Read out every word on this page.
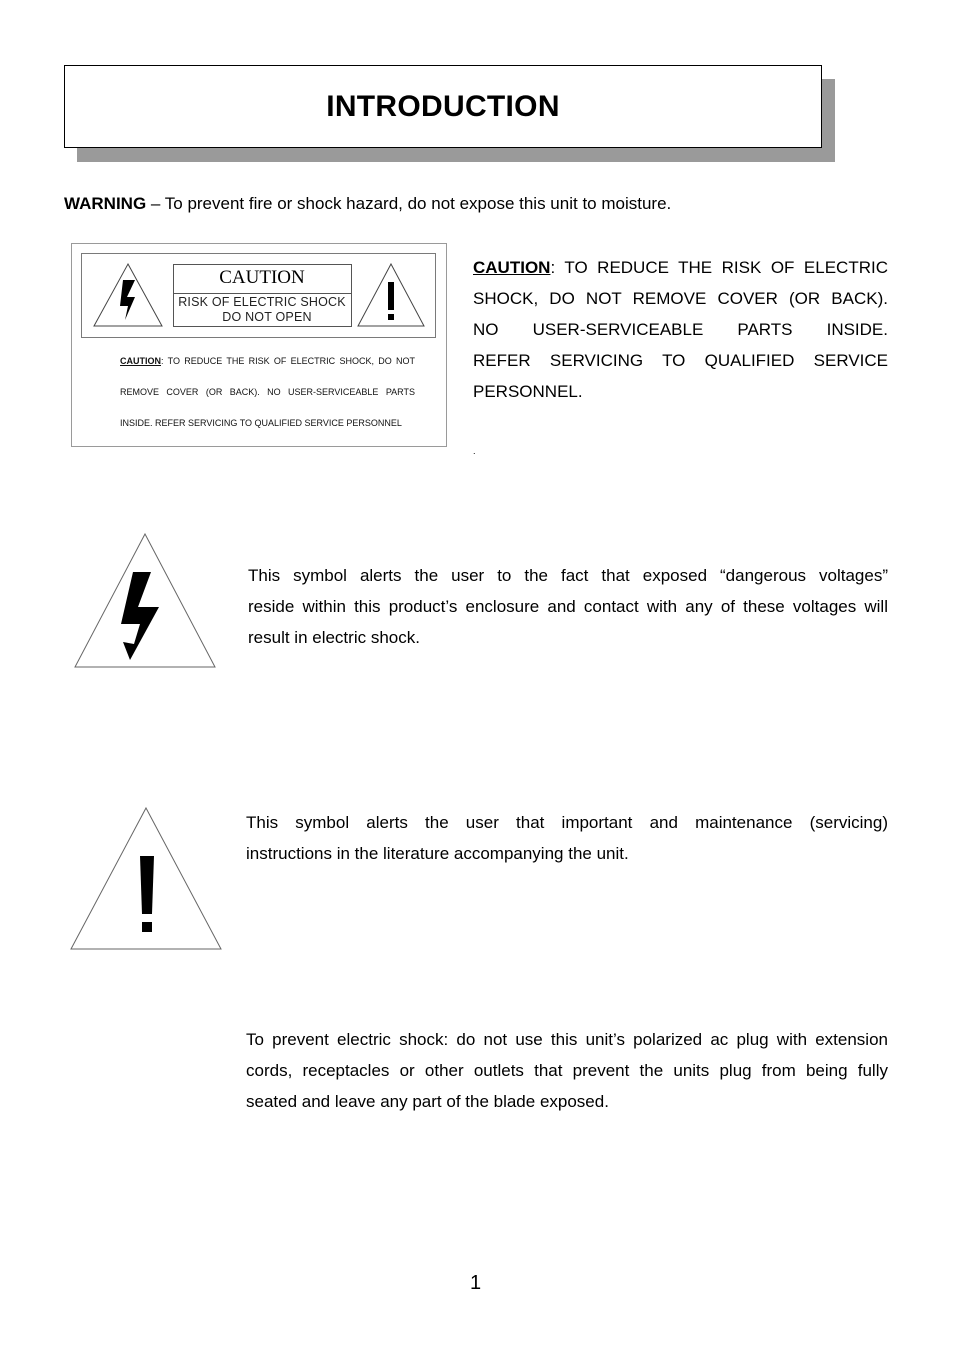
INTRODUCTION
WARNING – To prevent fire or shock hazard, do not expose this unit to moisture.
CAUTION
RISK OF ELECTRIC SHOCK
DO NOT OPEN
CAUTION: TO REDUCE THE RISK OF ELECTRIC SHOCK, DO NOT
REMOVE COVER (OR BACK). NO USER-SERVICEABLE PARTS
INSIDE. REFER SERVICING TO QUALIFIED SERVICE PERSONNEL
CAUTION: TO REDUCE THE RISK OF ELECTRIC
SHOCK, DO NOT REMOVE COVER (OR BACK).
NO USER-SERVICEABLE PARTS INSIDE.
REFER SERVICING TO QUALIFIED SERVICE
PERSONNEL.
.
This symbol alerts the user to the fact that exposed “dangerous voltages”
reside within this product’s enclosure and contact with any of these voltages will
result in electric shock.
This symbol alerts the user that important and maintenance (servicing)
instructions in the literature accompanying the unit.
To prevent electric shock: do not use this unit’s polarized ac plug with extension
cords, receptacles or other outlets that prevent the units plug from being fully
seated and leave any part of the blade exposed.
1
